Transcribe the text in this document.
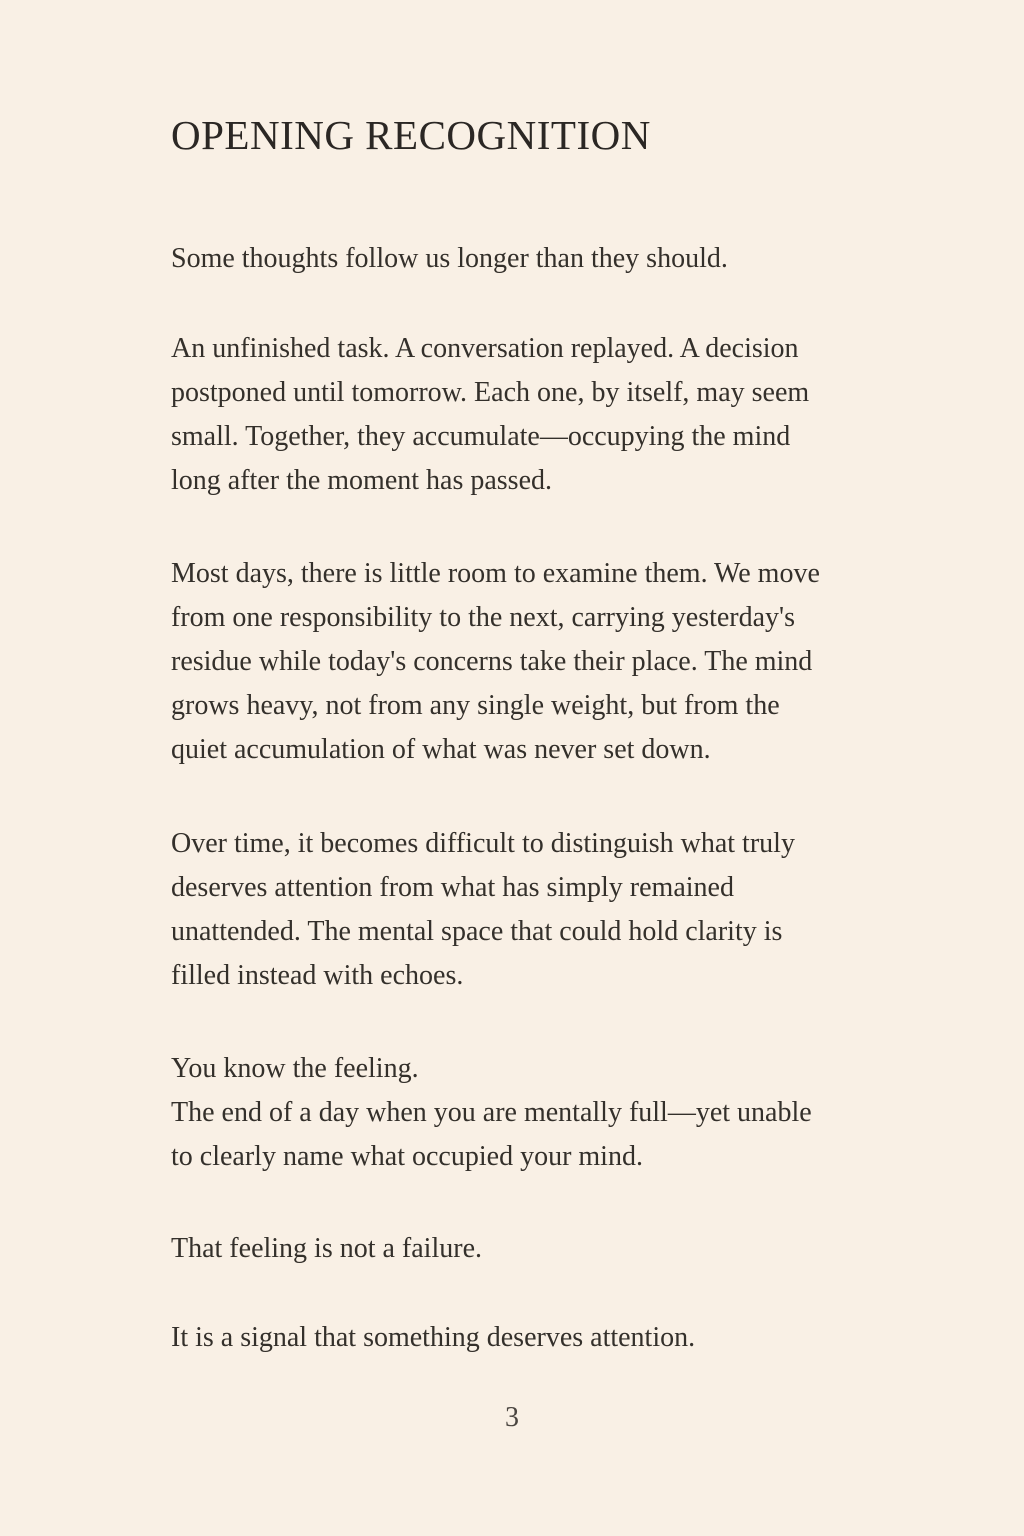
OPENING RECOGNITION

Some thoughts follow us longer than they should.

An unfinished task. A conversation replayed. A decision
postponed until tomorrow. Each one, by itself, may seem
small. Together, they accumulate—occupying the mind
long after the moment has passed.

Most days, there is little room to examine them. We move
from one responsibility to the next, carrying yesterday's
residue while today's concerns take their place. The mind
grows heavy, not from any single weight, but from the
quiet accumulation of what was never set down.

Over time, it becomes difficult to distinguish what truly
deserves attention from what has simply remained
unattended. The mental space that could hold clarity is
filled instead with echoes.

You know the feeling.
The end of a day when you are mentally full—yet unable
to clearly name what occupied your mind.

That feeling is not a failure.

It is a signal that something deserves attention.

3
